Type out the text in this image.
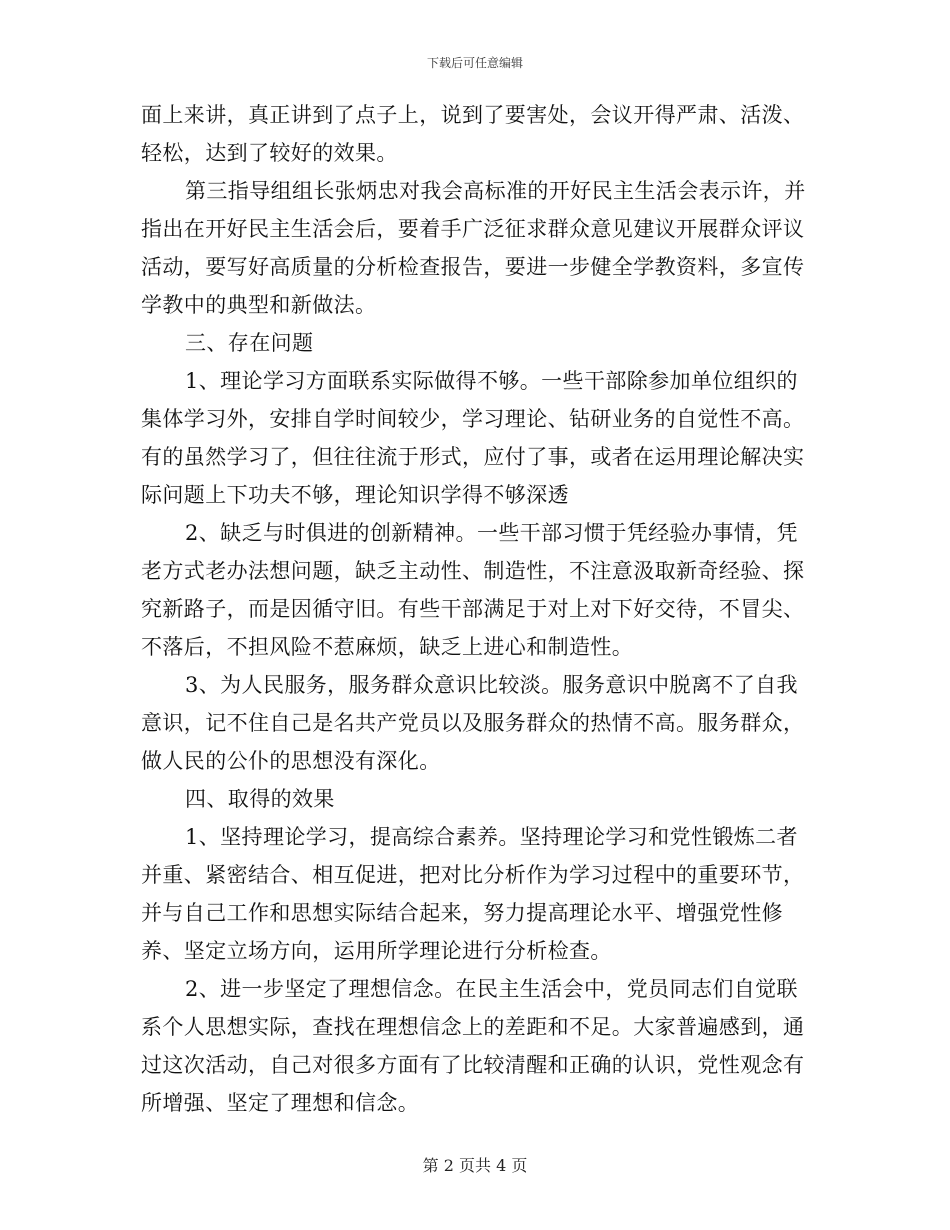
下载后可任意编辑

面上来讲，真正讲到了点子上，说到了要害处，会议开得严肃、活泼、轻松，达到了较好的效果。

第三指导组组长张炳忠对我会高标准的开好民主生活会表示许，并指出在开好民主生活会后，要着手广泛征求群众意见建议开展群众评议活动，要写好高质量的分析检查报告，要进一步健全学教资料，多宣传学教中的典型和新做法。

三、存在问题

1、理论学习方面联系实际做得不够。一些干部除参加单位组织的集体学习外，安排自学时间较少，学习理论、钻研业务的自觉性不高。有的虽然学习了，但往往流于形式，应付了事，或者在运用理论解决实际问题上下功夫不够，理论知识学得不够深透

2、缺乏与时俱进的创新精神。一些干部习惯于凭经验办事情，凭老方式老办法想问题，缺乏主动性、制造性，不注意汲取新奇经验、探究新路子，而是因循守旧。有些干部满足于对上对下好交待，不冒尖、不落后，不担风险不惹麻烦，缺乏上进心和制造性。

3、为人民服务，服务群众意识比较淡。服务意识中脱离不了自我意识，记不住自己是名共产党员以及服务群众的热情不高。服务群众，做人民的公仆的思想没有深化。

四、取得的效果

1、坚持理论学习，提高综合素养。坚持理论学习和党性锻炼二者并重、紧密结合、相互促进，把对比分析作为学习过程中的重要环节，并与自己工作和思想实际结合起来，努力提高理论水平、增强党性修养、坚定立场方向，运用所学理论进行分析检查。

2、进一步坚定了理想信念。在民主生活会中，党员同志们自觉联系个人思想实际，查找在理想信念上的差距和不足。大家普遍感到，通过这次活动，自己对很多方面有了比较清醒和正确的认识，党性观念有所增强、坚定了理想和信念。

第 2 页共 4 页
